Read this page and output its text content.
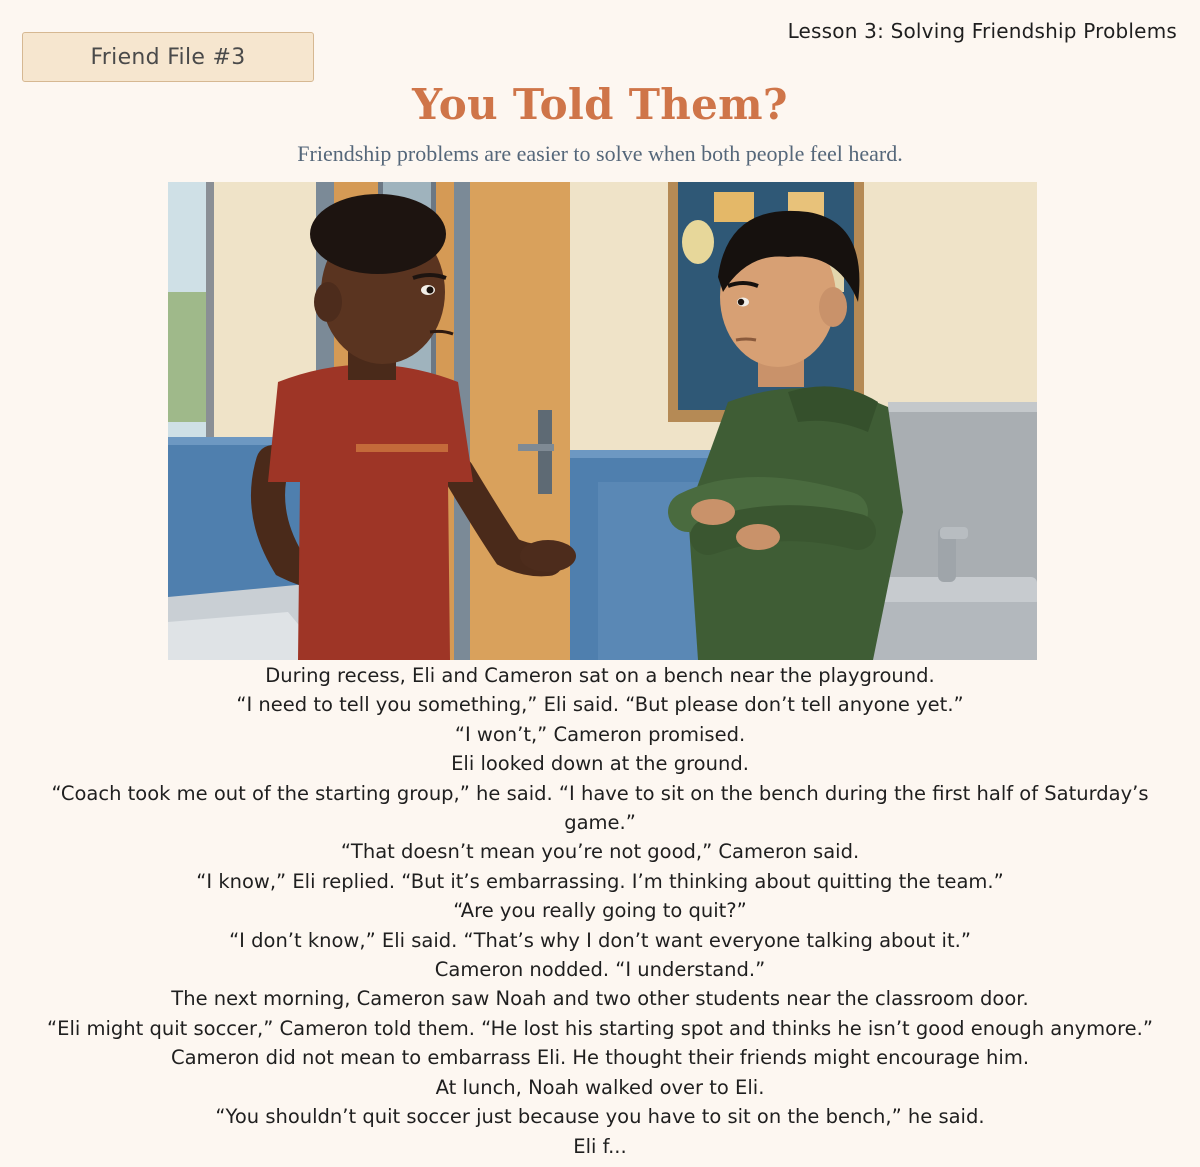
Lesson 3: Solving Friendship Problems
Friend File #3
You Told Them?
Friendship problems are easier to solve when both people feel heard.

During recess, Eli and Cameron sat on a bench near the playground.

“I need to tell you something,” Eli said. “But please don’t tell anyone yet.”

“I won’t,” Cameron promised.

Eli looked down at the ground.

“Coach took me out of the starting group,” he said. “I have to sit on the bench during the first half of Saturday’s game.”

“That doesn’t mean you’re not good,” Cameron said.

“I know,” Eli replied. “But it’s embarrassing. I’m thinking about quitting the team.”

“Are you really going to quit?”

“I don’t know,” Eli said. “That’s why I don’t want everyone talking about it.”

Cameron nodded. “I understand.”

The next morning, Cameron saw Noah and two other students near the classroom door.

“Eli might quit soccer,” Cameron told them. “He lost his starting spot and thinks he isn’t good enough anymore.”

Cameron did not mean to embarrass Eli. He thought their friends might encourage him.

At lunch, Noah walked over to Eli.

“You shouldn’t quit soccer just because you have to sit on the bench,” he said.

Eli f...
